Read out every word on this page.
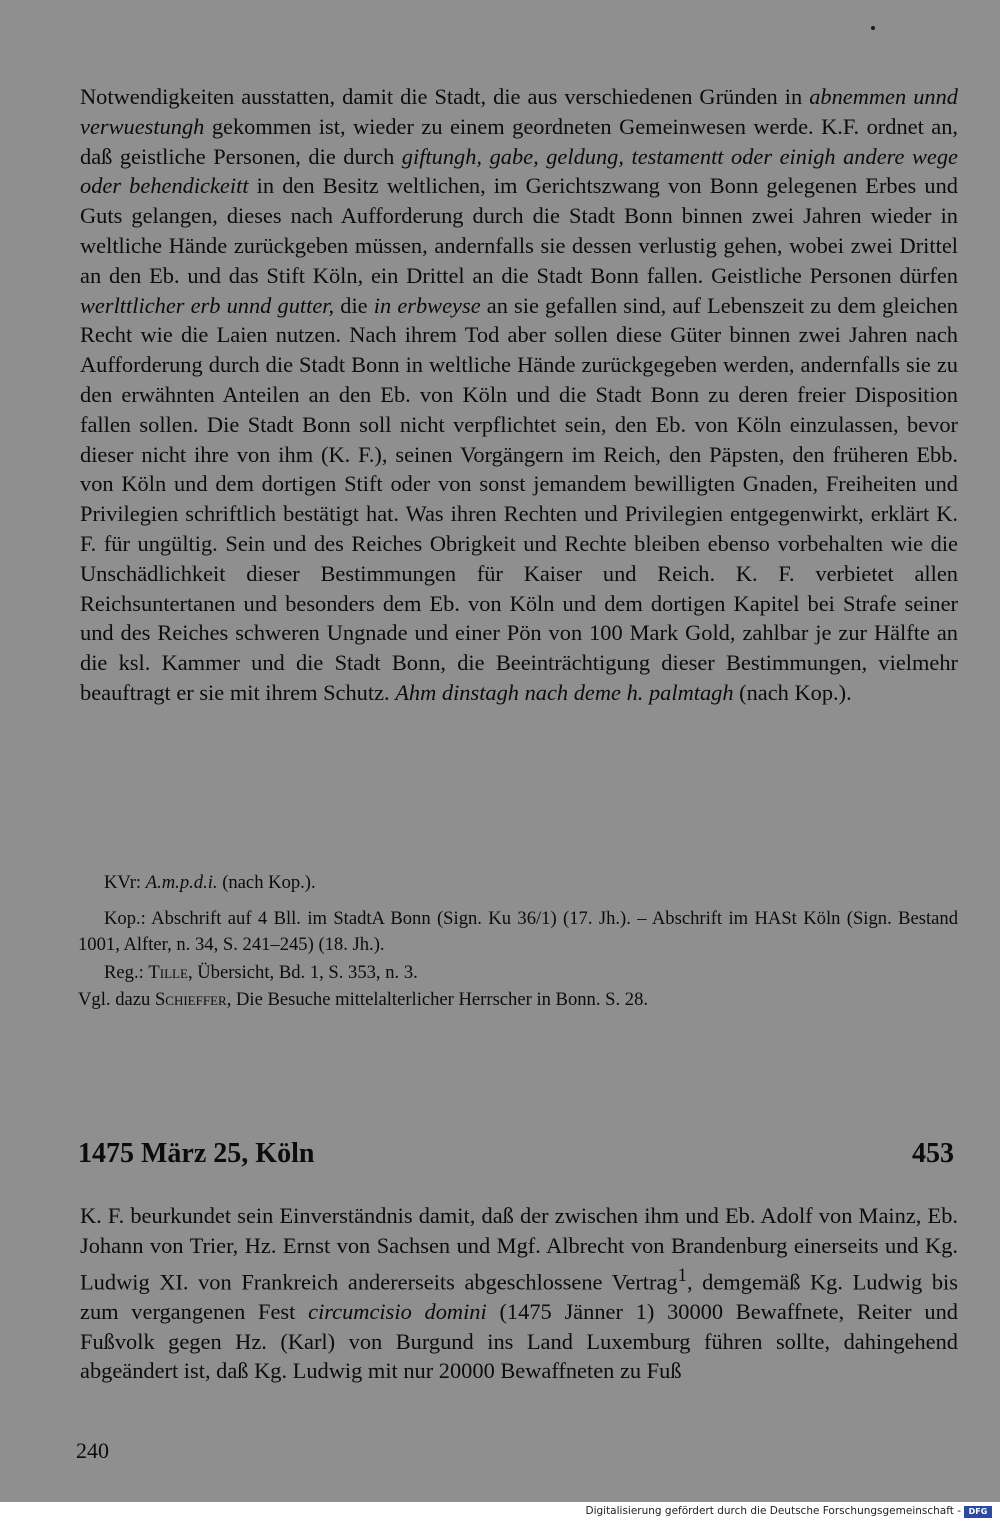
Notwendigkeiten ausstatten, damit die Stadt, die aus verschiedenen Gründen in abnemmen unnd verwuestungh gekommen ist, wieder zu einem geordneten Gemeinwesen werde. K.F. ordnet an, daß geistliche Personen, die durch giftungh, gabe, geldung, testamentt oder einigh andere wege oder behendickeitt in den Besitz weltlichen, im Gerichtszwang von Bonn gelegenen Erbes und Guts gelangen, dieses nach Aufforderung durch die Stadt Bonn binnen zwei Jahren wieder in weltliche Hände zurückgeben müssen, andernfalls sie dessen verlustig gehen, wobei zwei Drittel an den Eb. und das Stift Köln, ein Drittel an die Stadt Bonn fallen. Geistliche Personen dürfen werlttlicher erb unnd gutter, die in erbweyse an sie gefallen sind, auf Lebenszeit zu dem gleichen Recht wie die Laien nutzen. Nach ihrem Tod aber sollen diese Güter binnen zwei Jahren nach Aufforderung durch die Stadt Bonn in weltliche Hände zurückgegeben werden, andernfalls sie zu den erwähnten Anteilen an den Eb. von Köln und die Stadt Bonn zu deren freier Disposition fallen sollen. Die Stadt Bonn soll nicht verpflichtet sein, den Eb. von Köln einzulassen, bevor dieser nicht ihre von ihm (K. F.), seinen Vorgängern im Reich, den Päpsten, den früheren Ebb. von Köln und dem dortigen Stift oder von sonst jemandem bewilligten Gnaden, Freiheiten und Privilegien schriftlich bestätigt hat. Was ihren Rechten und Privilegien entgegenwirkt, erklärt K. F. für ungültig. Sein und des Reiches Obrigkeit und Rechte bleiben ebenso vorbehalten wie die Unschädlichkeit dieser Bestimmungen für Kaiser und Reich. K. F. verbietet allen Reichsuntertanen und besonders dem Eb. von Köln und dem dortigen Kapitel bei Strafe seiner und des Reiches schweren Ungnade und einer Pön von 100 Mark Gold, zahlbar je zur Hälfte an die ksl. Kammer und die Stadt Bonn, die Beeinträchtigung dieser Bestimmungen, vielmehr beauftragt er sie mit ihrem Schutz. Ahm dinstagh nach deme h. palmtagh (nach Kop.).

KVr: A.m.p.d.i. (nach Kop.).

Kop.: Abschrift auf 4 Bll. im StadtA Bonn (Sign. Ku 36/1) (17. Jh.). – Abschrift im HASt Köln (Sign. Bestand 1001, Alfter, n. 34, S. 241–245) (18. Jh.).

Reg.: Tille, Übersicht, Bd. 1, S. 353, n. 3.

Vgl. dazu Schieffer, Die Besuche mittelalterlicher Herrscher in Bonn. S. 28.

1475 März 25, Köln	453

K. F. beurkundet sein Einverständnis damit, daß der zwischen ihm und Eb. Adolf von Mainz, Eb. Johann von Trier, Hz. Ernst von Sachsen und Mgf. Albrecht von Brandenburg einerseits und Kg. Ludwig XI. von Frankreich andererseits abgeschlossene Vertrag$^1$, demgemäß Kg. Ludwig bis zum vergangenen Fest circumcisio domini (1475 Jänner 1) 30000 Bewaffnete, Reiter und Fußvolk gegen Hz. (Karl) von Burgund ins Land Luxemburg führen sollte, dahingehend abgeändert ist, daß Kg. Ludwig mit nur 20000 Bewaffneten zu Fuß

240
Digitalisierung gefördert durch die Deutsche Forschungsgemeinschaft - DFG
